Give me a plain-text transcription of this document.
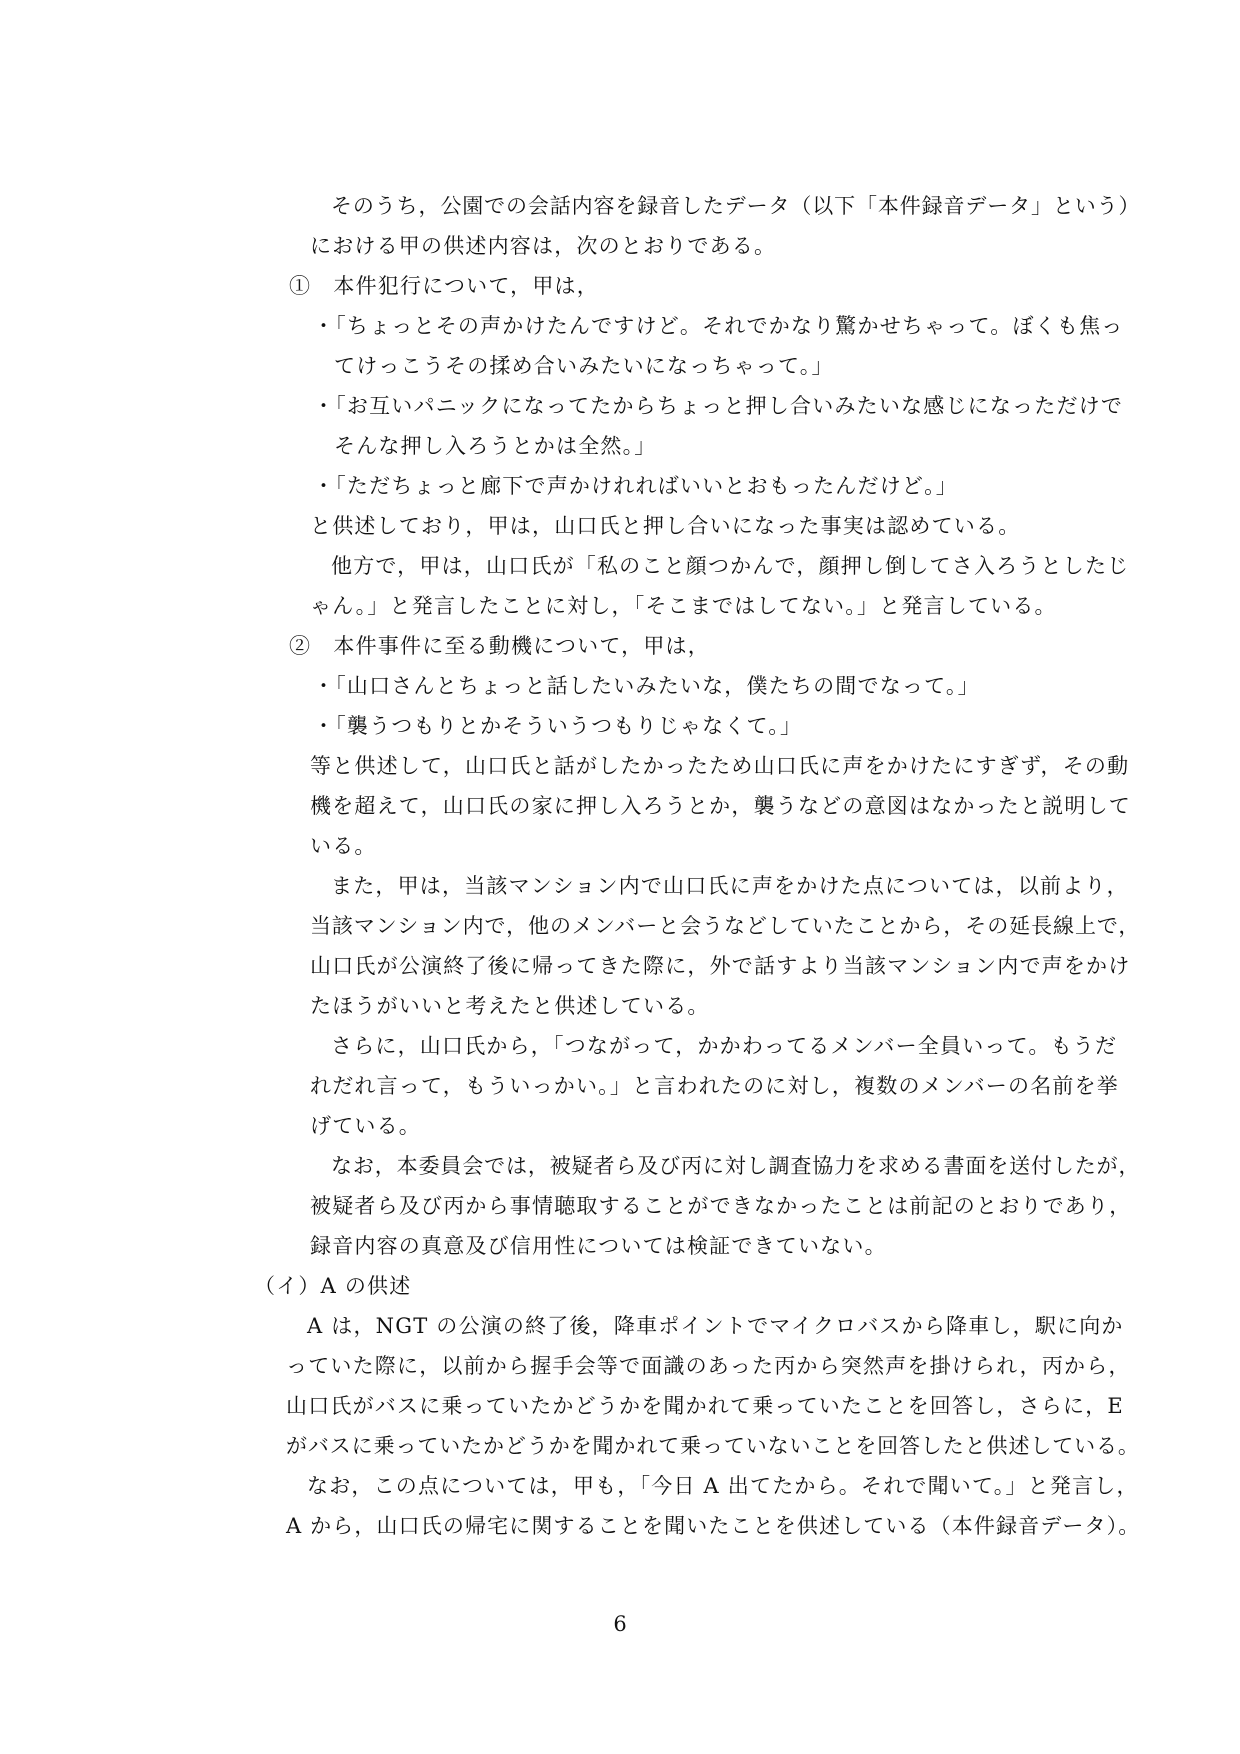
そのうち，公園での会話内容を録音したデータ（以下「本件録音データ」という）
における甲の供述内容は，次のとおりである。
①　本件犯行について，甲は，
・「ちょっとその声かけたんですけど。それでかなり驚かせちゃって。ぼくも焦っ
てけっこうその揉め合いみたいになっちゃって。」
・「お互いパニックになってたからちょっと押し合いみたいな感じになっただけで
そんな押し入ろうとかは全然。」
・「ただちょっと廊下で声かけれればいいとおもったんだけど。」
と供述しており，甲は，山口氏と押し合いになった事実は認めている。
他方で，甲は，山口氏が「私のこと顔つかんで，顔押し倒してさ入ろうとしたじ
ゃん。」と発言したことに対し，「そこまではしてない。」と発言している。
②　本件事件に至る動機について，甲は，
・「山口さんとちょっと話したいみたいな，僕たちの間でなって。」
・「襲うつもりとかそういうつもりじゃなくて。」
等と供述して，山口氏と話がしたかったため山口氏に声をかけたにすぎず，その動
機を超えて，山口氏の家に押し入ろうとか，襲うなどの意図はなかったと説明して
いる。
また，甲は，当該マンション内で山口氏に声をかけた点については，以前より，
当該マンション内で，他のメンバーと会うなどしていたことから，その延長線上で，
山口氏が公演終了後に帰ってきた際に，外で話すより当該マンション内で声をかけ
たほうがいいと考えたと供述している。
さらに，山口氏から，「つながって，かかわってるメンバー全員いって。もうだ
れだれ言って，もういっかい。」と言われたのに対し，複数のメンバーの名前を挙
げている。
なお，本委員会では，被疑者ら及び丙に対し調査協力を求める書面を送付したが，
被疑者ら及び丙から事情聴取することができなかったことは前記のとおりであり，
録音内容の真意及び信用性については検証できていない。
（イ）A の供述
A は，NGT の公演の終了後，降車ポイントでマイクロバスから降車し，駅に向か
っていた際に，以前から握手会等で面識のあった丙から突然声を掛けられ，丙から，
山口氏がバスに乗っていたかどうかを聞かれて乗っていたことを回答し，さらに，E
がバスに乗っていたかどうかを聞かれて乗っていないことを回答したと供述している。
なお，この点については，甲も，「今日 A 出てたから。それで聞いて。」と発言し，
A から，山口氏の帰宅に関することを聞いたことを供述している（本件録音データ）。
6
